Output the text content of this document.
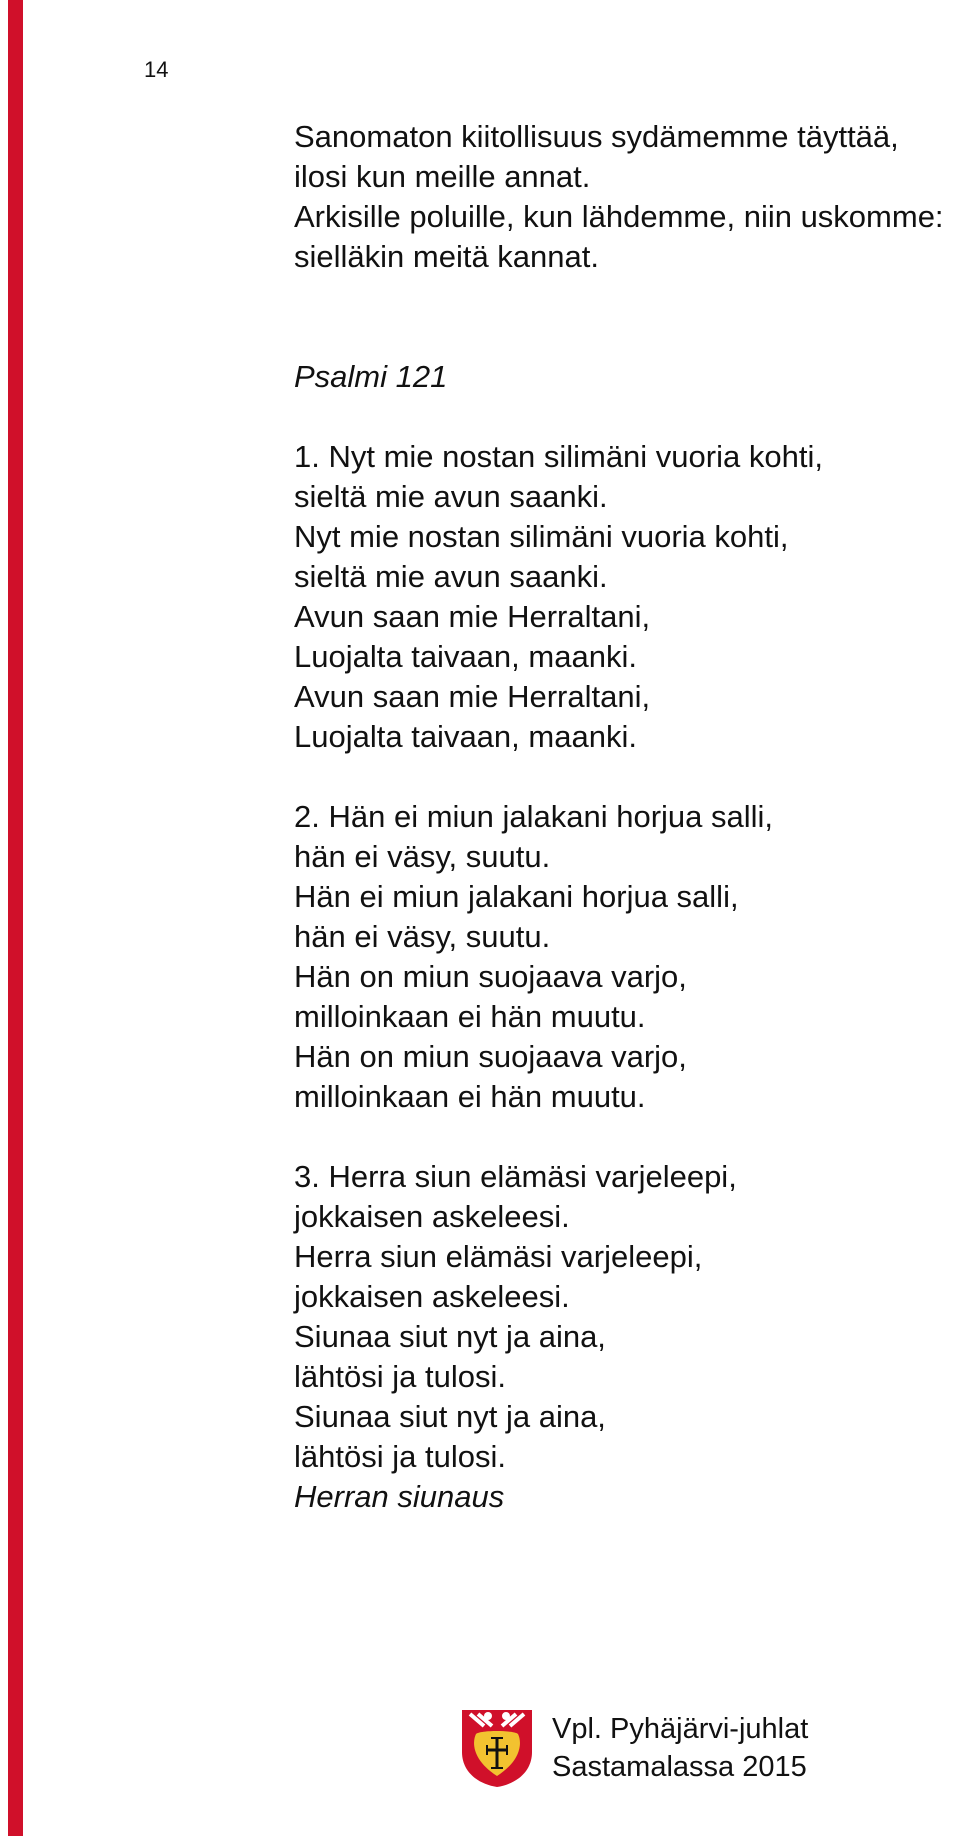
14
Sanomaton kiitollisuus sydämemme täyttää,
ilosi kun meille annat.
Arkisille poluille, kun lähdemme, niin uskomme:
sielläkin meitä kannat.
Psalmi 121
1. Nyt mie nostan silimäni vuoria kohti,
sieltä mie avun saanki.
Nyt mie nostan silimäni vuoria kohti,
sieltä mie avun saanki.
Avun saan mie Herraltani,
Luojalta taivaan, maanki.
Avun saan mie Herraltani,
Luojalta taivaan, maanki.
2. Hän ei miun jalakani horjua salli,
hän ei väsy, suutu.
Hän ei miun jalakani horjua salli,
hän ei väsy, suutu.
Hän on miun suojaava varjo,
milloinkaan ei hän muutu.
Hän on miun suojaava varjo,
milloinkaan ei hän muutu.
3. Herra siun elämäsi varjeleepi,
jokkaisen askeleesi.
Herra siun elämäsi varjeleepi,
jokkaisen askeleesi.
Siunaa siut nyt ja aina,
lähtösi ja tulosi.
Siunaa siut nyt ja aina,
lähtösi ja tulosi.
Herran siunaus
Vpl. Pyhäjärvi-juhlat
Sastamalassa 2015
